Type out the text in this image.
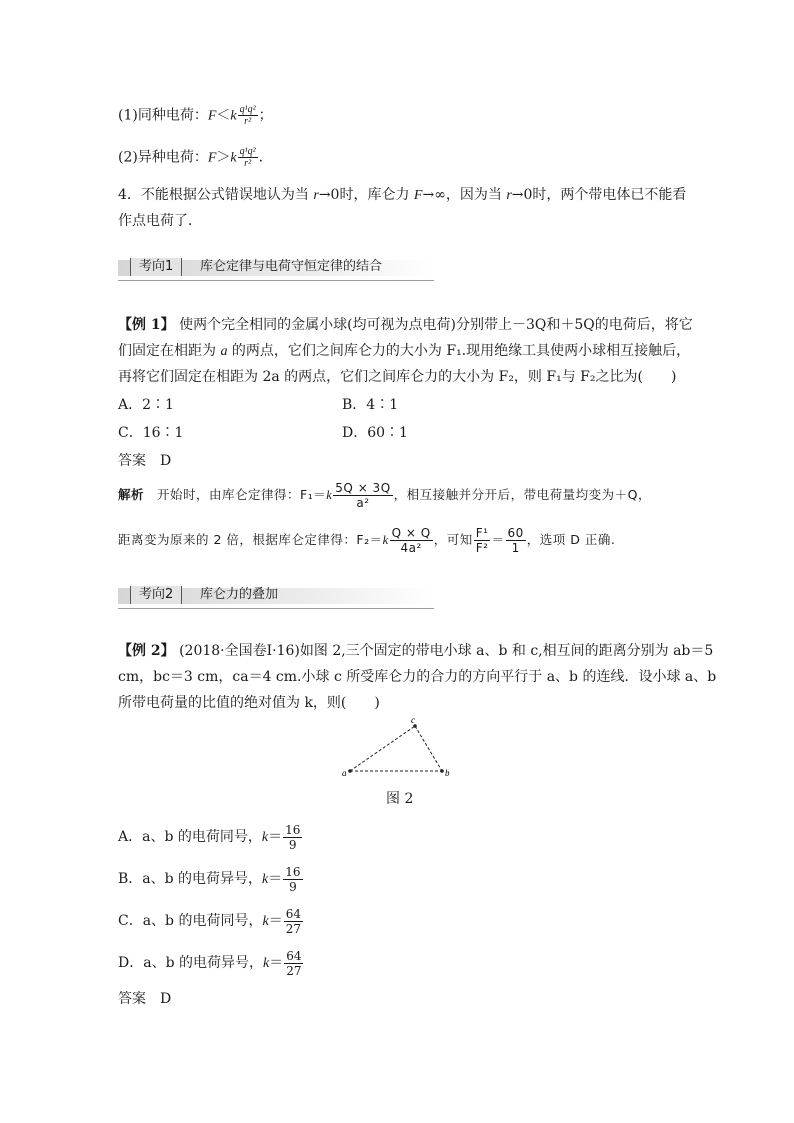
(1)同种电荷：$F<k \frac{\text{q¹q²}}{\text{r²}}$ ；
(2)异种电荷：$F>k \frac{\text{q¹q²}}{\text{r²}}$ .
4．不能根据公式错误地认为当 r→0时，库仑力 F→∞，因为当 r→0时，两个带电体已不能看
作点电荷了．
考向1	库仑定律与电荷守恒定律的结合
【例 1】 使两个完全相同的金属小球(均可视为点电荷)分别带上－3Q和＋5Q的电荷后，将它
们固定在相距为 a 的两点，它们之间库仑力的大小为 F₁.现用绝缘工具使两小球相互接触后，
再将它们固定在相距为 2a 的两点，它们之间库仑力的大小为 F₂，则 F₁与 F₂之比为(　　)
A．2∶1	B．4∶1
C．16∶1	D．60∶1
答案　 D
解析　 开始时，由库仑定律得：$F_1=k \frac{5Q \times 3Q}{\text{a²}}$ ，相互接触并分开后，带电荷量均变为＋Q，
距离变为原来的 2 倍，根据库仑定律得：$F_2=k \frac{Q \times Q}{\text{4a²}}$ ，可知 $\frac{\text{F¹}}{\text{F²}} = \frac{60}{1}$ ，选项 D 正确.
考向2	库仑力的叠加
【例 2】 (2018·全国卷Ⅰ·16)如图 2,三个固定的带电小球 a、b 和 c,相互间的距离分别为 ab＝5
cm，bc＝3 cm，ca＝4 cm.小球 c 所受库仑力的合力的方向平行于 a、b 的连线．设小球 a、b
所带电荷量的比值的绝对值为 k，则(　　)
a	b
c
图 2
A．a、b 的电荷同号，$k= \frac{16}{9}$
B．a、b 的电荷异号，$k= \frac{16}{9}$
C．a、b 的电荷同号，$k= \frac{64}{27}$
D．a、b 的电荷异号，$k= \frac{64}{27}$
答案　 D
